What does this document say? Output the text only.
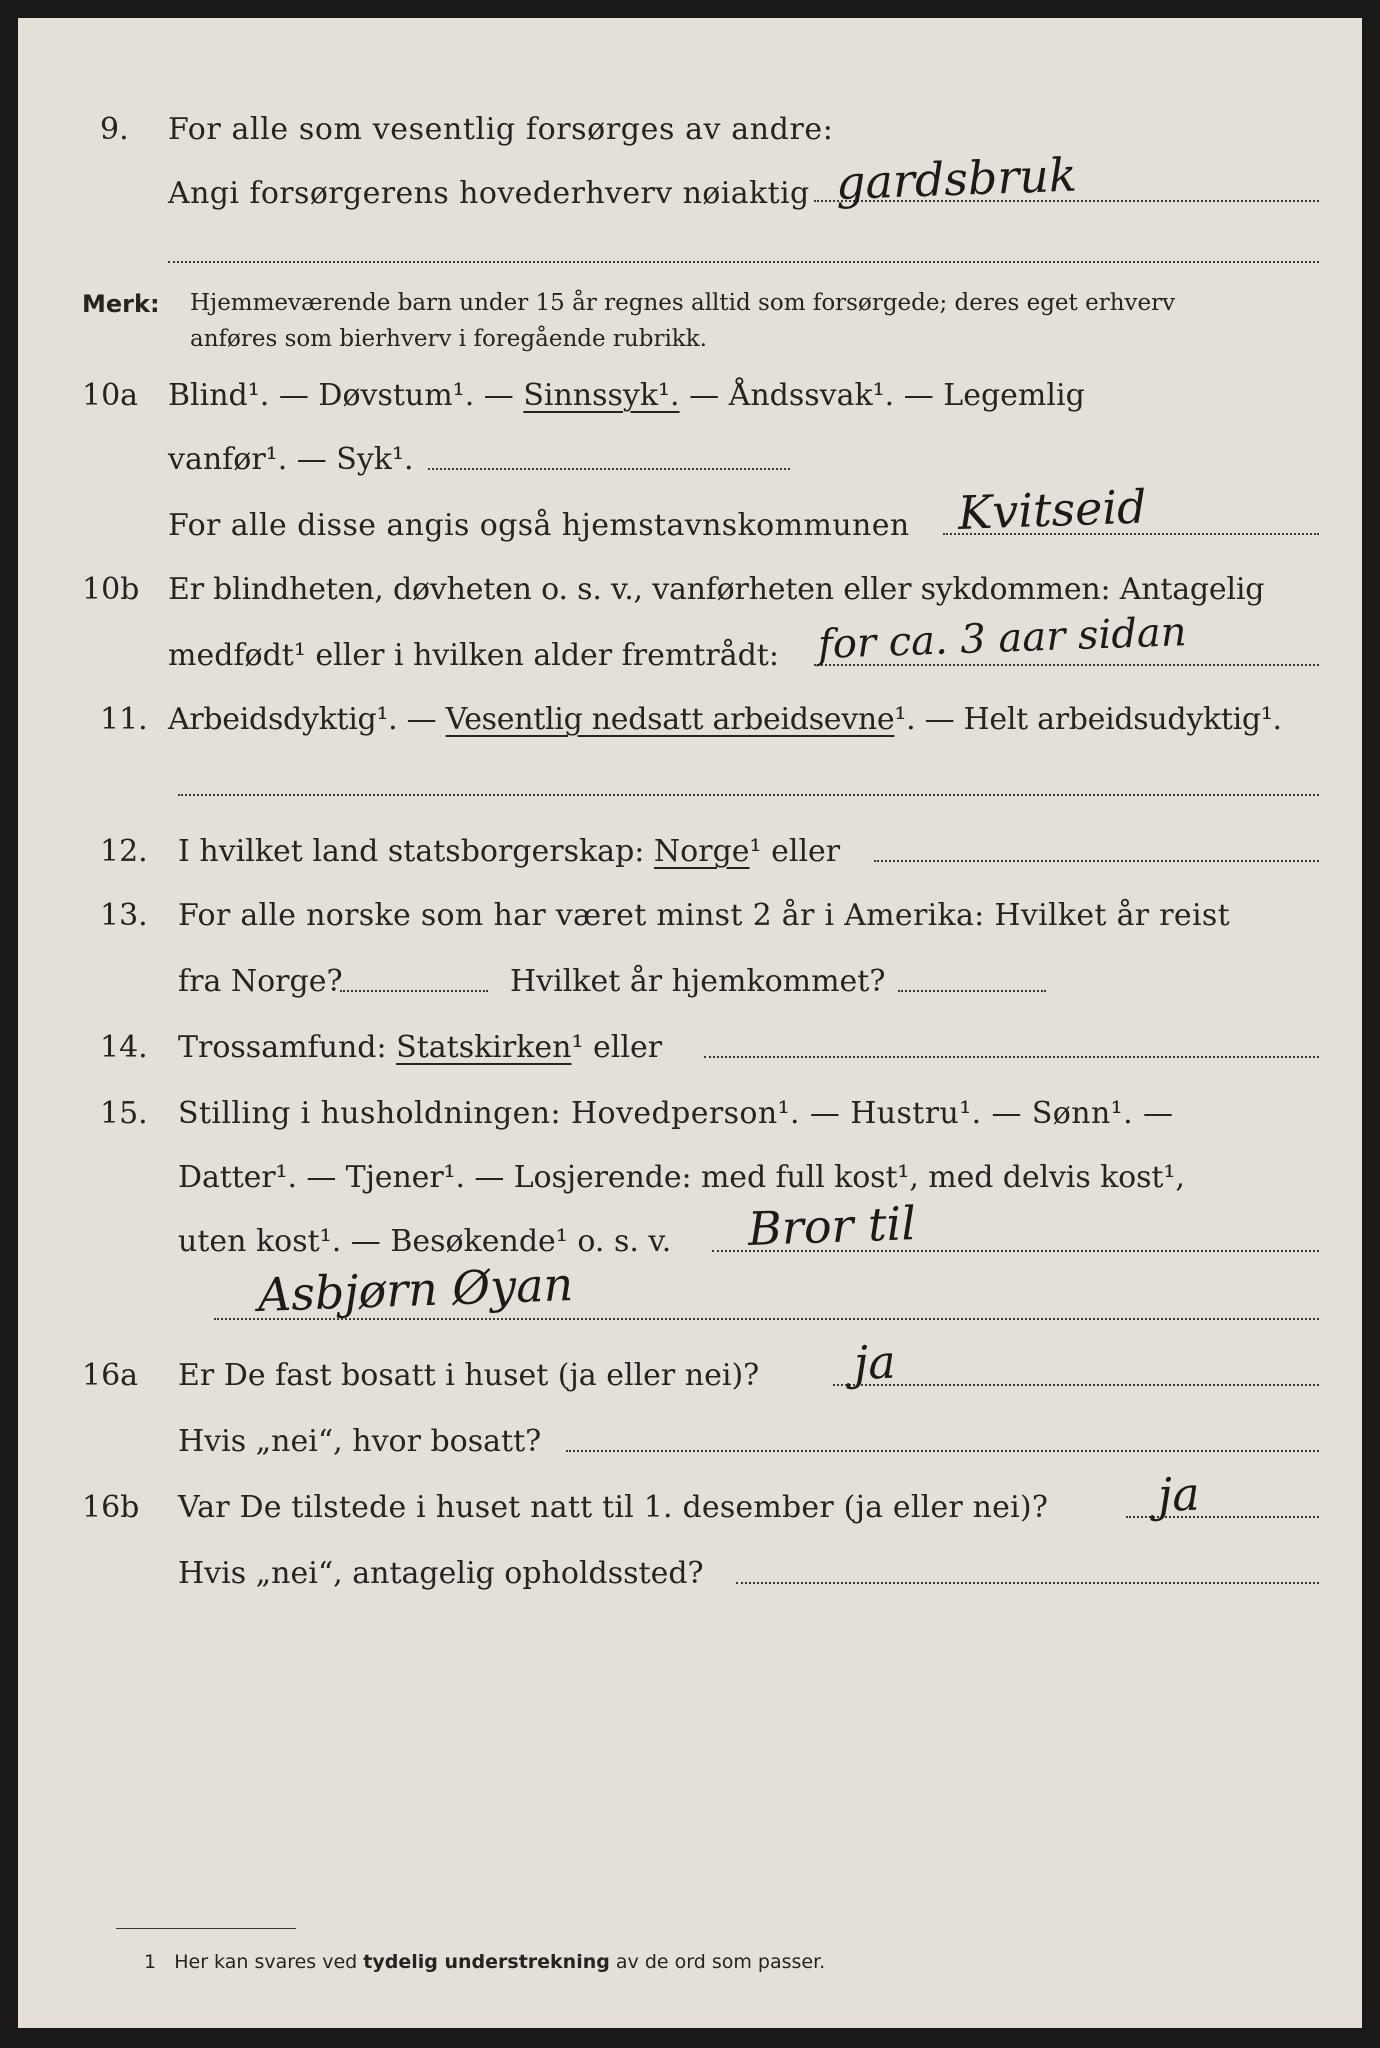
9. For alle som vesentlig forsørges av andre:
Angi forsørgerens hovederhverv nøiaktig gardsbruk
Merk: Hjemmeværende barn under 15 år regnes alltid som forsørgede; deres eget erhverv
anføres som bierhverv i foregående rubrikk.
10a Blind¹. — Døvstum¹. — Sinnssyk¹. — Åndssvak¹. — Legemlig
vanfør¹. — Syk¹.
For alle disse angis også hjemstavnskommunen Kvitseid
10b Er blindheten, døvheten o. s. v., vanførheten eller sykdommen: Antagelig
medfødt¹ eller i hvilken alder fremtrådt: for ca. 3 aar sidan
11. Arbeidsdyktig¹. — Vesentlig nedsatt arbeidsevne¹. — Helt arbeidsudyktig¹.
12. I hvilket land statsborgerskap: Norge¹ eller
13. For alle norske som har været minst 2 år i Amerika: Hvilket år reist
fra Norge?	Hvilket år hjemkommet?
14. Trossamfund: Statskirken¹ eller
15. Stilling i husholdningen: Hovedperson¹. — Hustru¹. — Sønn¹. —
Datter¹. — Tjener¹. — Losjerende: med full kost¹, med delvis kost¹,
uten kost¹. — Besøkende¹ o. s. v. Bror til
Asbjørn Øyan
16a Er De fast bosatt i huset (ja eller nei)? ja
Hvis „nei“, hvor bosatt?
16b Var De tilstede i huset natt til 1. desember (ja eller nei)? ja
Hvis „nei“, antagelig opholdssted?
1 Her kan svares ved tydelig understrekning av de ord som passer.
